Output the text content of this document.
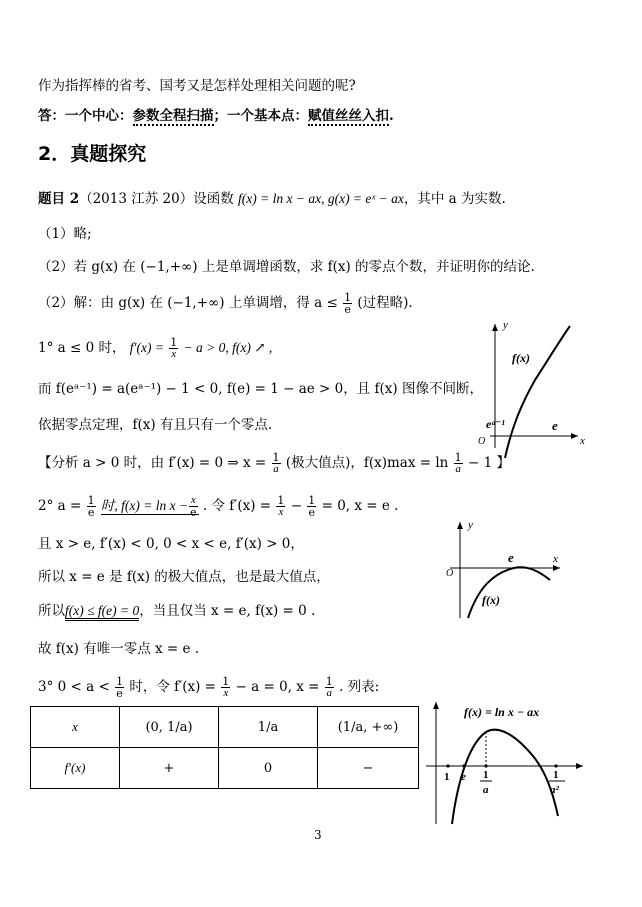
作为指挥棒的省考、国考又是怎样处理相关问题的呢?
答：一个中心：参数全程扫描；一个基本点：赋值丝丝入扣.
2．真题探究
题目 2（2013 江苏 20）设函数 f(x) = ln x − ax, g(x) = eˣ − ax，其中 a 为实数.
（1）略;
（2）若 g(x) 在 (−1,+∞) 上是单调增函数，求 f(x) 的零点个数，并证明你的结论.
（2）解：由 g(x) 在 (−1,+∞) 上单调增，得 $a \le \frac{1}{e}$ (过程略)．
1° a ≤ 0 时， $f'(x) = \frac{1}{x} - a > 0$, f(x) ↗ ,
而 f(eᵃ⁻¹) = a(eᵃ⁻¹) − 1 < 0, f(e) = 1 − ae > 0，且 f(x) 图像不间断，
依据零点定理，f(x) 有且只有一个零点.
【分析 a > 0 时，由 f′(x) = 0 ⇒ $x = \frac{1}{a}$ (极大值点)，$f(x)\max = \ln \frac{1}{a} - 1$ 】
2° $a = \frac{1}{e}$ 时, $f(x) = \ln x - \frac{x}{e}$ . 令 $f'(x) = \frac{1}{x} - \frac{1}{e} = 0$, x = e .
且 x > e, f′(x) < 0, 0 < x < e, f′(x) > 0，
所以 x = e 是 f(x) 的极大值点，也是最大值点，
所以f(x) ≤ f(e) = 0，当且仅当 x = e, f(x) = 0 .
故 f(x) 有唯一零点 x = e .
3° $0 < a < \frac{1}{e}$ 时，令 $f'(x) = \frac{1}{x} - a = 0$, $x = \frac{1}{a}$ . 列表:
x	(0, 1/a)	1/a	(1/a, +∞)
f′(x)	+	0	−
y
x
O
f(x)
eᵃ⁻¹	e
y
x
O
e
f(x)
f(x) = ln x − ax
1 e 1
a
1
a²
3
